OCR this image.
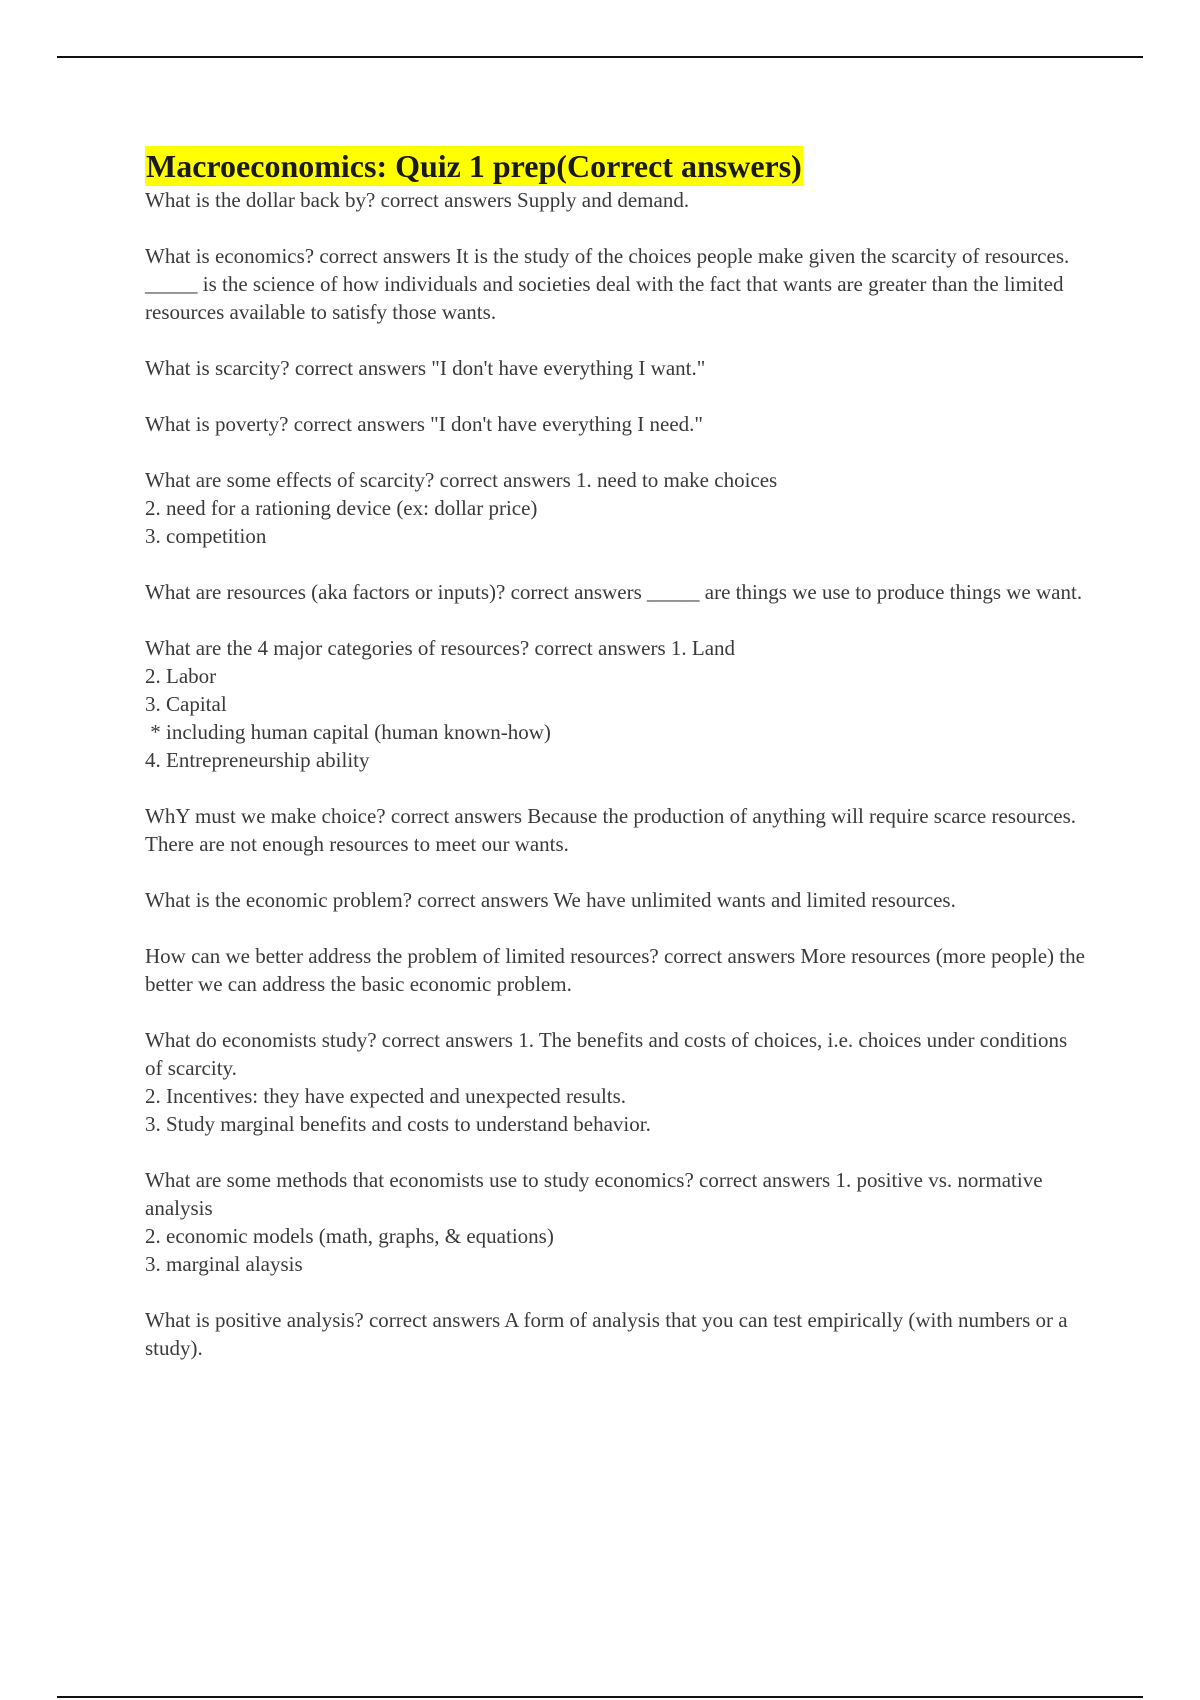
Macroeconomics: Quiz 1 prep(Correct answers)

What is the dollar back by? correct answers Supply and demand.

What is economics? correct answers It is the study of the choices people make given the scarcity of resources. _____ is the science of how individuals and societies deal with the fact that wants are greater than the limited resources available to satisfy those wants.

What is scarcity? correct answers "I don't have everything I want."

What is poverty? correct answers "I don't have everything I need."

What are some effects of scarcity? correct answers 1. need to make choices
2. need for a rationing device (ex: dollar price)
3. competition

What are resources (aka factors or inputs)? correct answers _____ are things we use to produce things we want.

What are the 4 major categories of resources? correct answers 1. Land
2. Labor
3. Capital
* including human capital (human known-how)
4. Entrepreneurship ability

WhY must we make choice? correct answers Because the production of anything will require scarce resources. There are not enough resources to meet our wants.

What is the economic problem? correct answers We have unlimited wants and limited resources.

How can we better address the problem of limited resources? correct answers More resources (more people) the better we can address the basic economic problem.

What do economists study? correct answers 1. The benefits and costs of choices, i.e. choices under conditions of scarcity.
2. Incentives: they have expected and unexpected results.
3. Study marginal benefits and costs to understand behavior.

What are some methods that economists use to study economics? correct answers 1. positive vs. normative analysis
2. economic models (math, graphs, & equations)
3. marginal alaysis

What is positive analysis? correct answers A form of analysis that you can test empirically (with numbers or a study).
